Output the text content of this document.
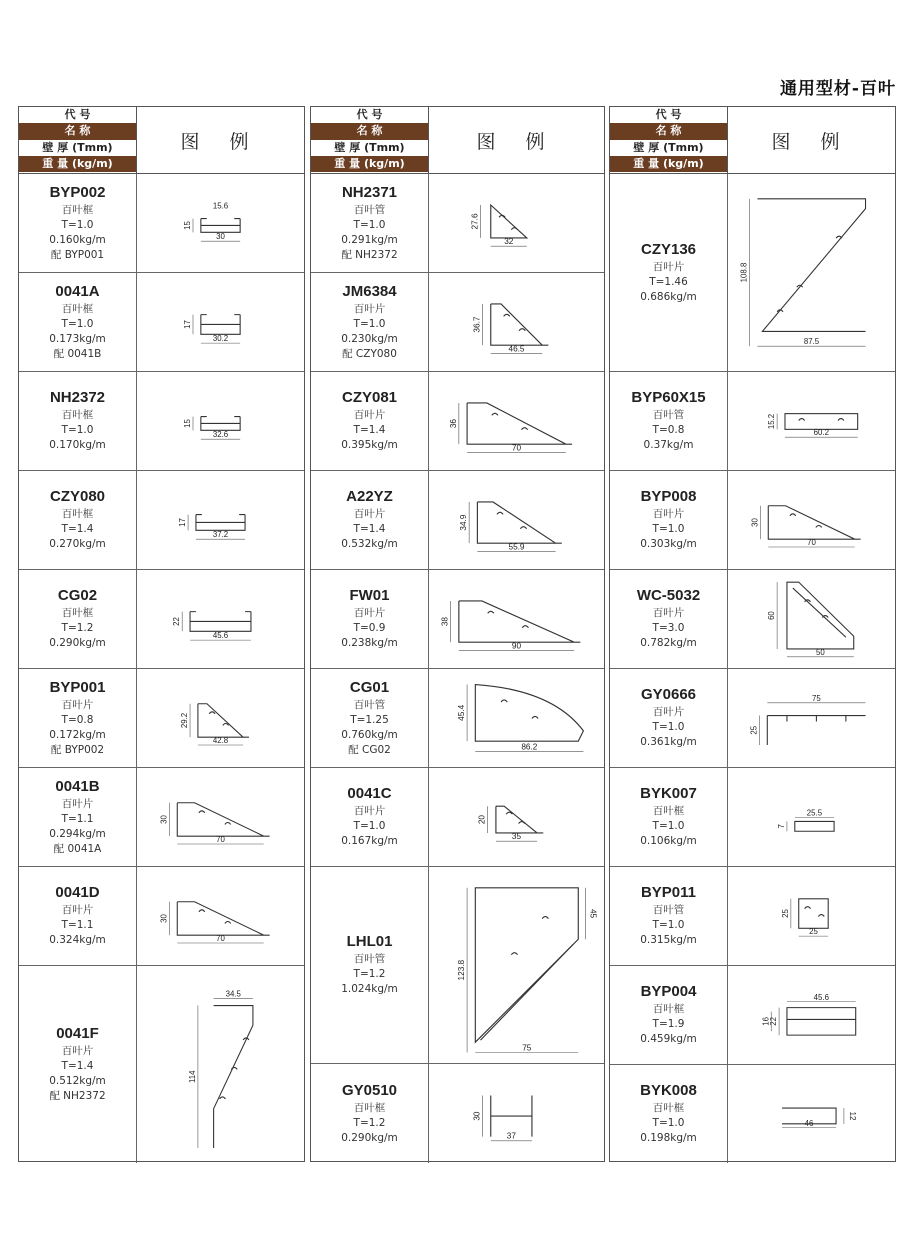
通用型材-百叶
代 号
名 称
壁 厚 (Tmm)
重 量 (kg/m)
图 例
BYP002
百叶框
T=1.0
0.160kg/m
配 BYP001
15
30
15.6
0041A
百叶框
T=1.0
0.173kg/m
配 0041B
17
30.2
NH2372
百叶框
T=1.0
0.170kg/m
15
32.6
CZY080
百叶框
T=1.4
0.270kg/m
17
37.2
CG02
百叶框
T=1.2
0.290kg/m
22
45.6
BYP001
百叶片
T=0.8
0.172kg/m
配 BYP002
29.2
42.8
0041B
百叶片
T=1.1
0.294kg/m
配 0041A
30
70
0041D
百叶片
T=1.1
0.324kg/m
30
70
0041F
百叶片
T=1.4
0.512kg/m
配 NH2372
114
34.5
代 号
名 称
壁 厚 (Tmm)
重 量 (kg/m)
图 例
NH2371
百叶管
T=1.0
0.291kg/m
配 NH2372
27.6
32
JM6384
百叶片
T=1.0
0.230kg/m
配 CZY080
36.7
46.5
CZY081
百叶片
T=1.4
0.395kg/m
36
70
A22YZ
百叶片
T=1.4
0.532kg/m
34.9
55.9
FW01
百叶片
T=0.9
0.238kg/m
38
90
CG01
百叶管
T=1.25
0.760kg/m
配 CG02
45.4
86.2
0041C
百叶片
T=1.0
0.167kg/m
20
35
LHL01
百叶管
T=1.2
1.024kg/m
123.8
75
45
GY0510
百叶框
T=1.2
0.290kg/m
30
37
代 号
名 称
壁 厚 (Tmm)
重 量 (kg/m)
图 例
CZY136
百叶片
T=1.46
0.686kg/m
108.8
87.5
BYP60X15
百叶管
T=0.8
0.37kg/m
15.2
60.2
BYP008
百叶片
T=1.0
0.303kg/m
30
70
WC-5032
百叶片
T=3.0
0.782kg/m
60
50
GY0666
百叶片
T=1.0
0.361kg/m
25
75
BYK007
百叶框
T=1.0
0.106kg/m
25.5
7
BYP011
百叶管
T=1.0
0.315kg/m
25
25
BYP004
百叶框
T=1.9
0.459kg/m
45.6
22
16
BYK008
百叶框
T=1.0
0.198kg/m
46
12
